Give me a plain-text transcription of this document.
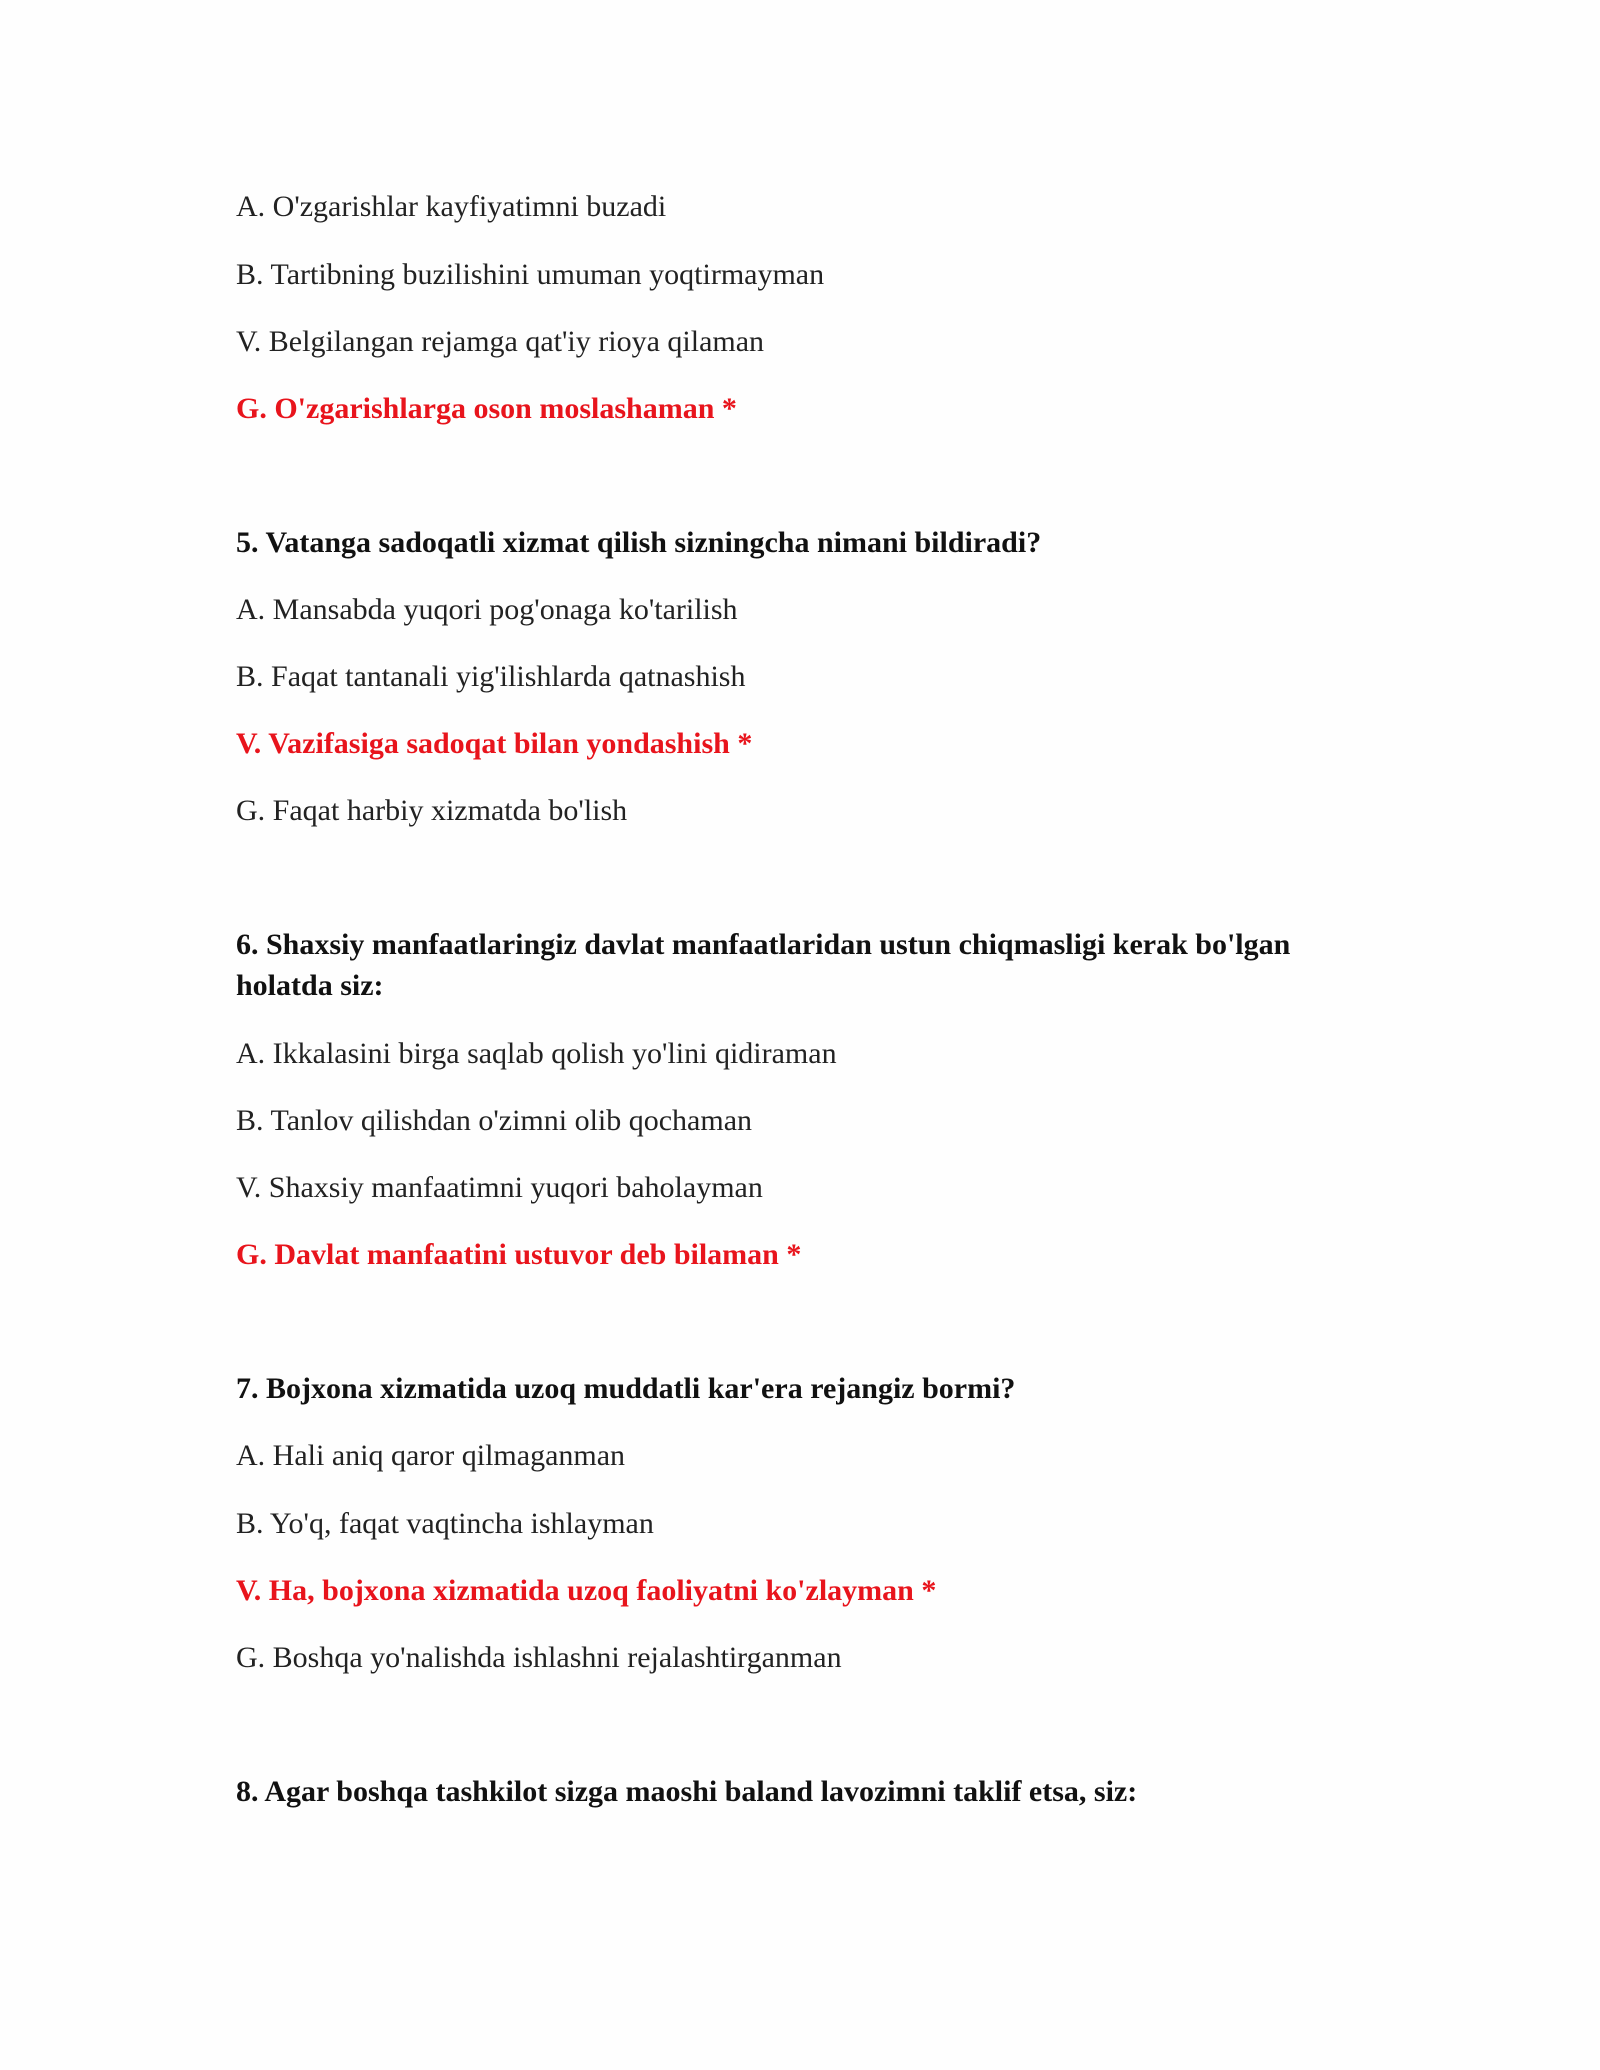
A. O'zgarishlar kayfiyatimni buzadi
B. Tartibning buzilishini umuman yoqtirmayman
V. Belgilangan rejamga qat'iy rioya qilaman
G. O'zgarishlarga oson moslashaman *
5. Vatanga sadoqatli xizmat qilish sizningcha nimani bildiradi?
A. Mansabda yuqori pog'onaga ko'tarilish
B. Faqat tantanali yig'ilishlarda qatnashish
V. Vazifasiga sadoqat bilan yondashish *
G. Faqat harbiy xizmatda bo'lish
6. Shaxsiy manfaatlaringiz davlat manfaatlaridan ustun chiqmasligi kerak bo'lgan
holatda siz:
A. Ikkalasini birga saqlab qolish yo'lini qidiraman
B. Tanlov qilishdan o'zimni olib qochaman
V. Shaxsiy manfaatimni yuqori baholayman
G. Davlat manfaatini ustuvor deb bilaman *
7. Bojxona xizmatida uzoq muddatli kar'era rejangiz bormi?
A. Hali aniq qaror qilmaganman
B. Yo'q, faqat vaqtincha ishlayman
V. Ha, bojxona xizmatida uzoq faoliyatni ko'zlayman *
G. Boshqa yo'nalishda ishlashni rejalashtirganman
8. Agar boshqa tashkilot sizga maoshi baland lavozimni taklif etsa, siz:
